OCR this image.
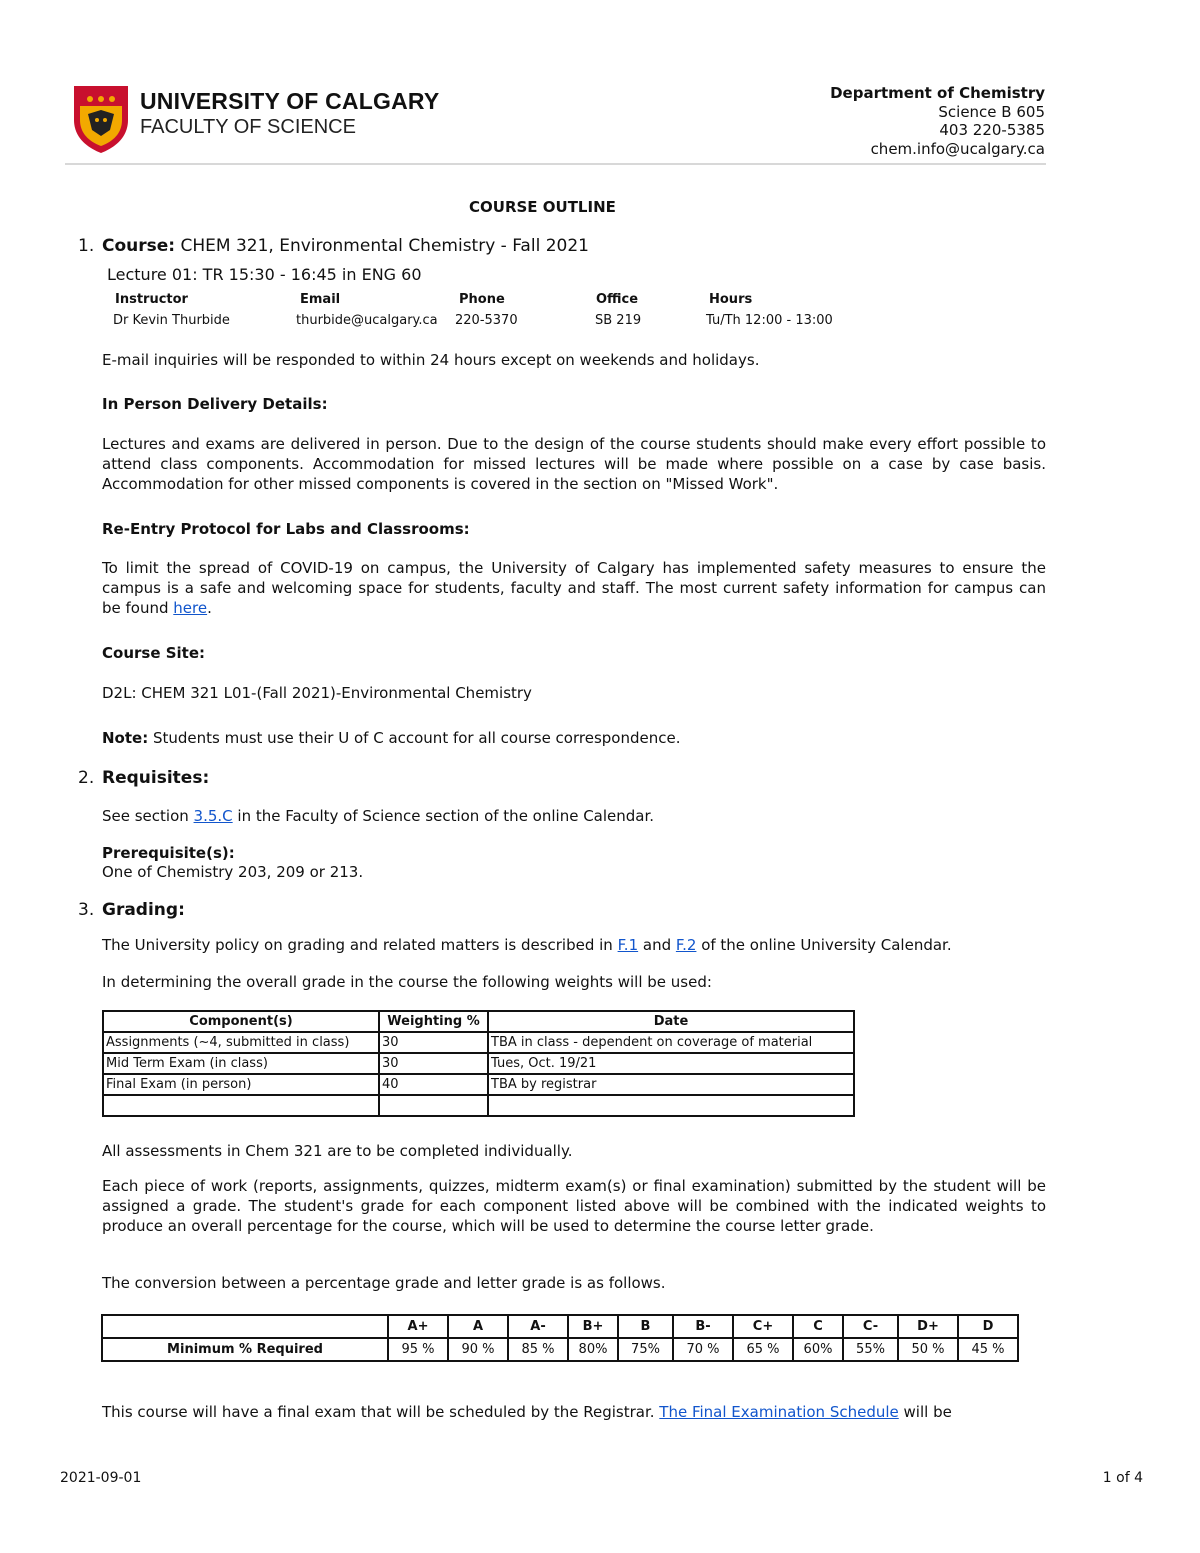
UNIVERSITY OF CALGARY
FACULTY OF SCIENCE
Department of Chemistry
Science B 605
403 220-5385
chem.info@ucalgary.ca
COURSE OUTLINE
1. Course: CHEM 321, Environmental Chemistry - Fall 2021
Lecture 01: TR 15:30 - 16:45 in ENG 60
Instructor	Email	Phone	Office	Hours
Dr Kevin Thurbide	thurbide@ucalgary.ca 220-5370	SB 219	Tu/Th 12:00 - 13:00
E-mail inquiries will be responded to within 24 hours except on weekends and holidays.
In Person Delivery Details:
Lectures and exams are delivered in person. Due to the design of the course students should make every effort possible to attend class components. Accommodation for missed lectures will be made where possible on a case by case basis. Accommodation for other missed components is covered in the section on "Missed Work".
Re-Entry Protocol for Labs and Classrooms:
To limit the spread of COVID-19 on campus, the University of Calgary has implemented safety measures to ensure the campus is a safe and welcoming space for students, faculty and staff. The most current safety information for campus can be found here.
Course Site:
D2L: CHEM 321 L01-(Fall 2021)-Environmental Chemistry
Note: Students must use their U of C account for all course correspondence.
2. Requisites:
See section 3.5.C in the Faculty of Science section of the online Calendar.
Prerequisite(s):
One of Chemistry 203, 209 or 213.
3. Grading:
The University policy on grading and related matters is described in F.1 and F.2 of the online University Calendar.
In determining the overall grade in the course the following weights will be used:
Component(s)	Weighting %	Date
Assignments (~4, submitted in class)	30	TBA in class - dependent on coverage of material
Mid Term Exam (in class)	30	Tues, Oct. 19/21
Final Exam (in person)	40	TBA by registrar

All assessments in Chem 321 are to be completed individually.
Each piece of work (reports, assignments, quizzes, midterm exam(s) or final examination) submitted by the student will be assigned a grade. The student's grade for each component listed above will be combined with the indicated weights to produce an overall percentage for the course, which will be used to determine the course letter grade.
The conversion between a percentage grade and letter grade is as follows.
	A+	A	A-	B+	B	B-	C+	C	C-	D+	D
Minimum % Required	95 %	90 %	85 %	80%	75%	70 %	65 %	60%	55%	50 %	45 %
This course will have a final exam that will be scheduled by the Registrar. The Final Examination Schedule will be
2021-09-01	1 of 4
